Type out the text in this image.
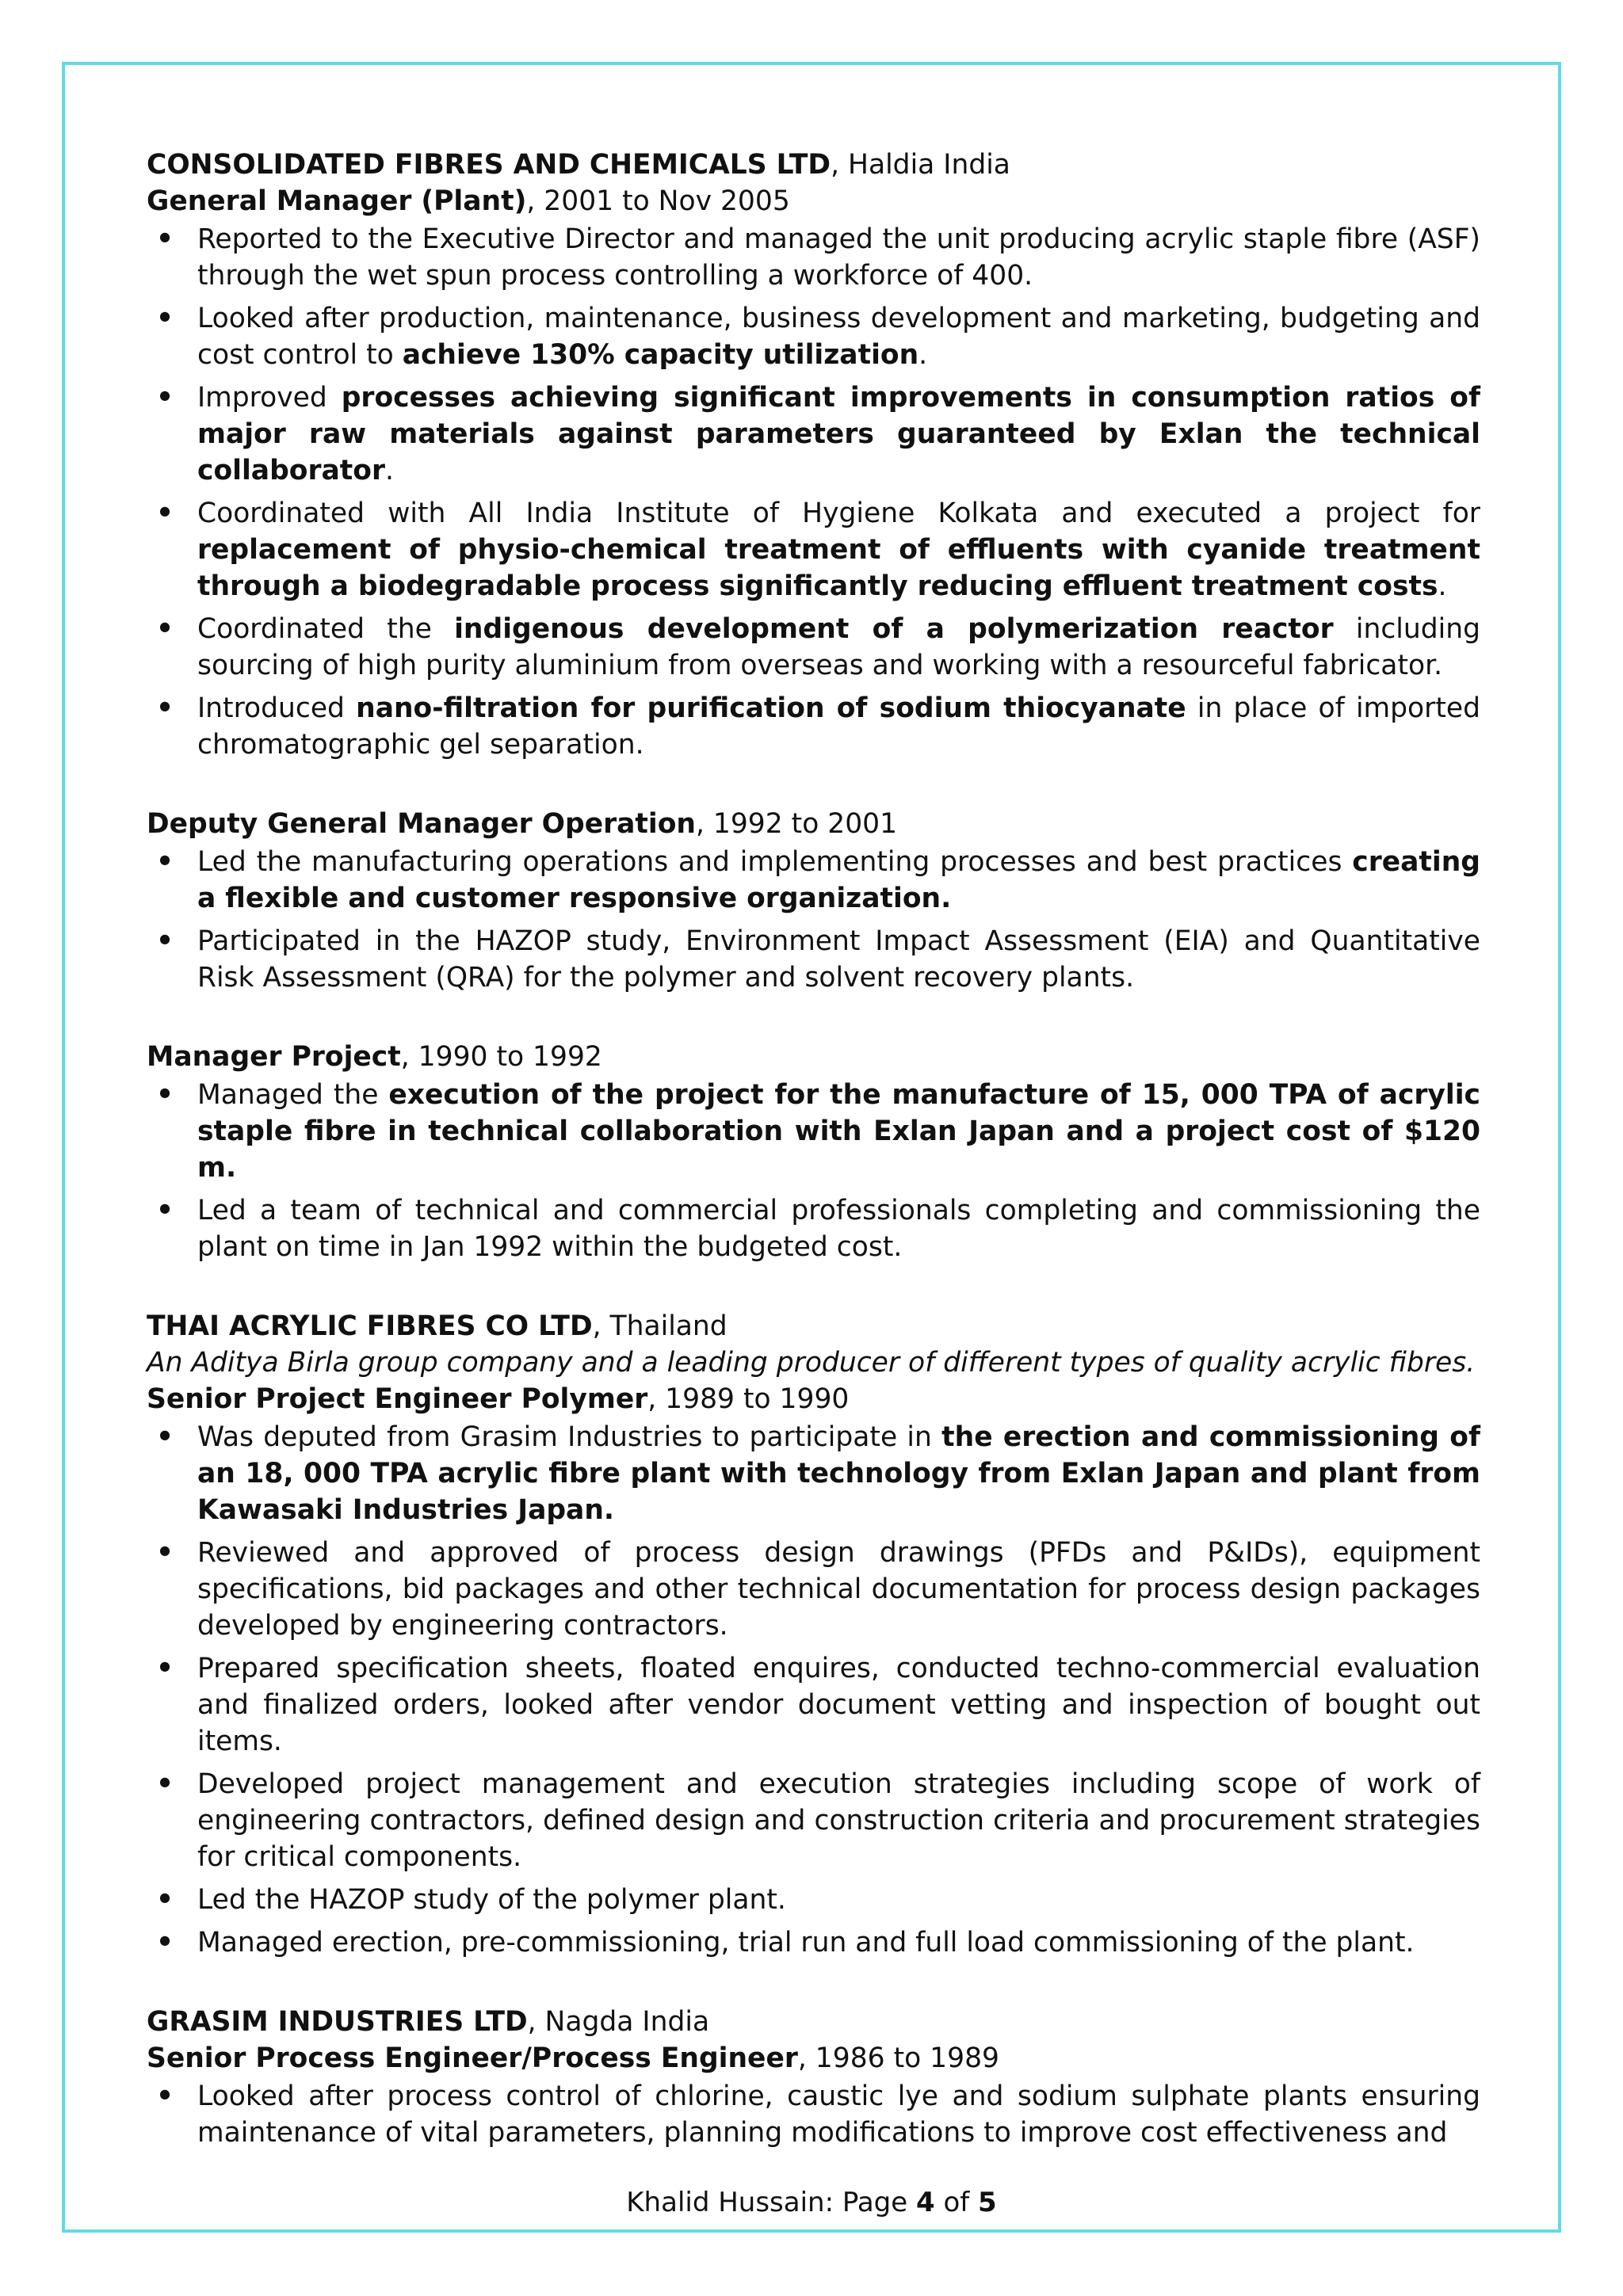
CONSOLIDATED FIBRES AND CHEMICALS LTD, Haldia India

General Manager (Plant), 2001 to Nov 2005

• Reported to the Executive Director and managed the unit producing acrylic staple fibre (ASF) through the wet spun process controlling a workforce of 400.
• Looked after production, maintenance, business development and marketing, budgeting and cost control to achieve 130% capacity utilization.
• Improved processes achieving significant improvements in consumption ratios of major raw materials against parameters guaranteed by Exlan the technical collaborator.
• Coordinated with All India Institute of Hygiene Kolkata and executed a project for replacement of physio-chemical treatment of effluents with cyanide treatment through a biodegradable process significantly reducing effluent treatment costs.
• Coordinated the indigenous development of a polymerization reactor including sourcing of high purity aluminium from overseas and working with a resourceful fabricator.
• Introduced nano-filtration for purification of sodium thiocyanate in place of imported chromatographic gel separation.

Deputy General Manager Operation, 1992 to 2001

• Led the manufacturing operations and implementing processes and best practices creating a flexible and customer responsive organization.
• Participated in the HAZOP study, Environment Impact Assessment (EIA) and Quantitative Risk Assessment (QRA) for the polymer and solvent recovery plants.

Manager Project, 1990 to 1992

• Managed the execution of the project for the manufacture of 15, 000 TPA of acrylic staple fibre in technical collaboration with Exlan Japan and a project cost of $120 m.
• Led a team of technical and commercial professionals completing and commissioning the plant on time in Jan 1992 within the budgeted cost.

THAI ACRYLIC FIBRES CO LTD, Thailand

An Aditya Birla group company and a leading producer of different types of quality acrylic fibres.

Senior Project Engineer Polymer, 1989 to 1990

• Was deputed from Grasim Industries to participate in the erection and commissioning of an 18, 000 TPA acrylic fibre plant with technology from Exlan Japan and plant from Kawasaki Industries Japan.
• Reviewed and approved of process design drawings (PFDs and P&IDs), equipment specifications, bid packages and other technical documentation for process design packages developed by engineering contractors.
• Prepared specification sheets, floated enquires, conducted techno-commercial evaluation and finalized orders, looked after vendor document vetting and inspection of bought out items.
• Developed project management and execution strategies including scope of work of engineering contractors, defined design and construction criteria and procurement strategies for critical components.
• Led the HAZOP study of the polymer plant.
• Managed erection, pre-commissioning, trial run and full load commissioning of the plant.

GRASIM INDUSTRIES LTD, Nagda India

Senior Process Engineer/Process Engineer, 1986 to 1989

• Looked after process control of chlorine, caustic lye and sodium sulphate plants ensuring maintenance of vital parameters, planning modifications to improve cost effectiveness and
Khalid Hussain: Page 4 of 5
